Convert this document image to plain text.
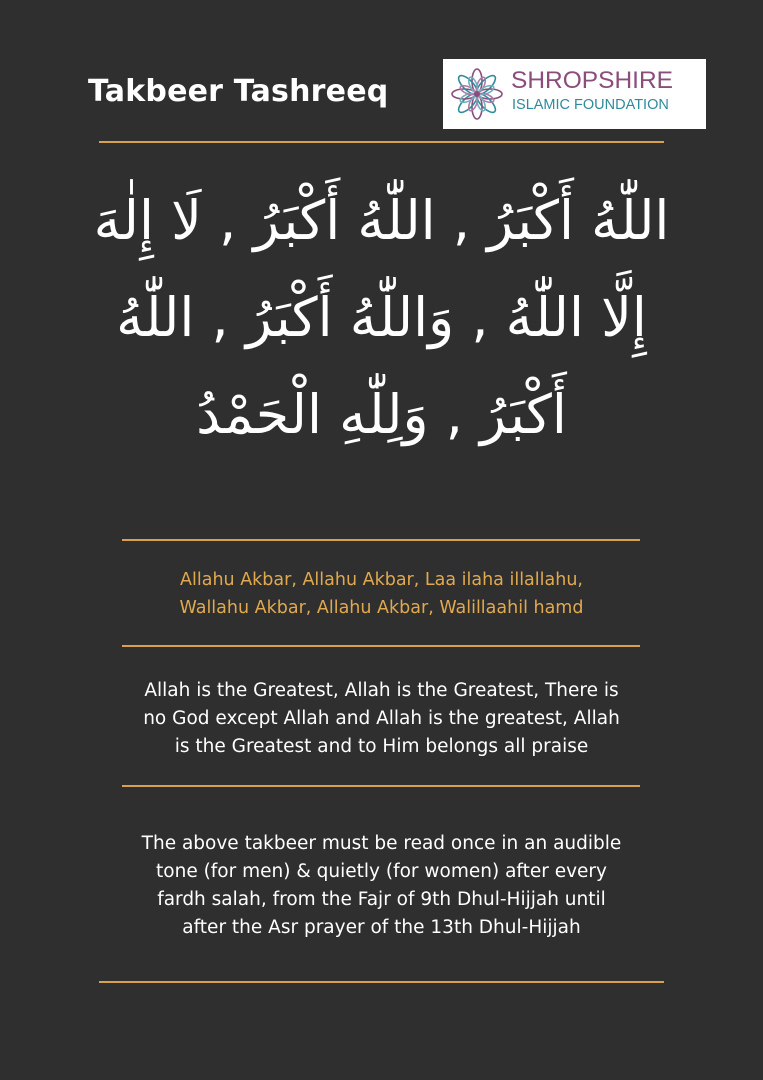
Takbeer Tashreeq	SHROPSHIRE
ISLAMIC FOUNDATION
اللّٰهُ أَكْبَرُ , اللّٰهُ أَكْبَرُ , لَا إِلٰهَ
إِلَّا اللّٰهُ , وَاللّٰهُ أَكْبَرُ , اللّٰهُ
أَكْبَرُ , وَلِلّٰهِ الْحَمْدُ
Allahu Akbar, Allahu Akbar, Laa ilaha illallahu,
Wallahu Akbar, Allahu Akbar, Walillaahil hamd
Allah is the Greatest, Allah is the Greatest, There is
no God except Allah and Allah is the greatest, Allah
is the Greatest and to Him belongs all praise
The above takbeer must be read once in an audible
tone (for men) & quietly (for women) after every
fardh salah, from the Fajr of 9th Dhul-Hijjah until
after the Asr prayer of the 13th Dhul-Hijjah
